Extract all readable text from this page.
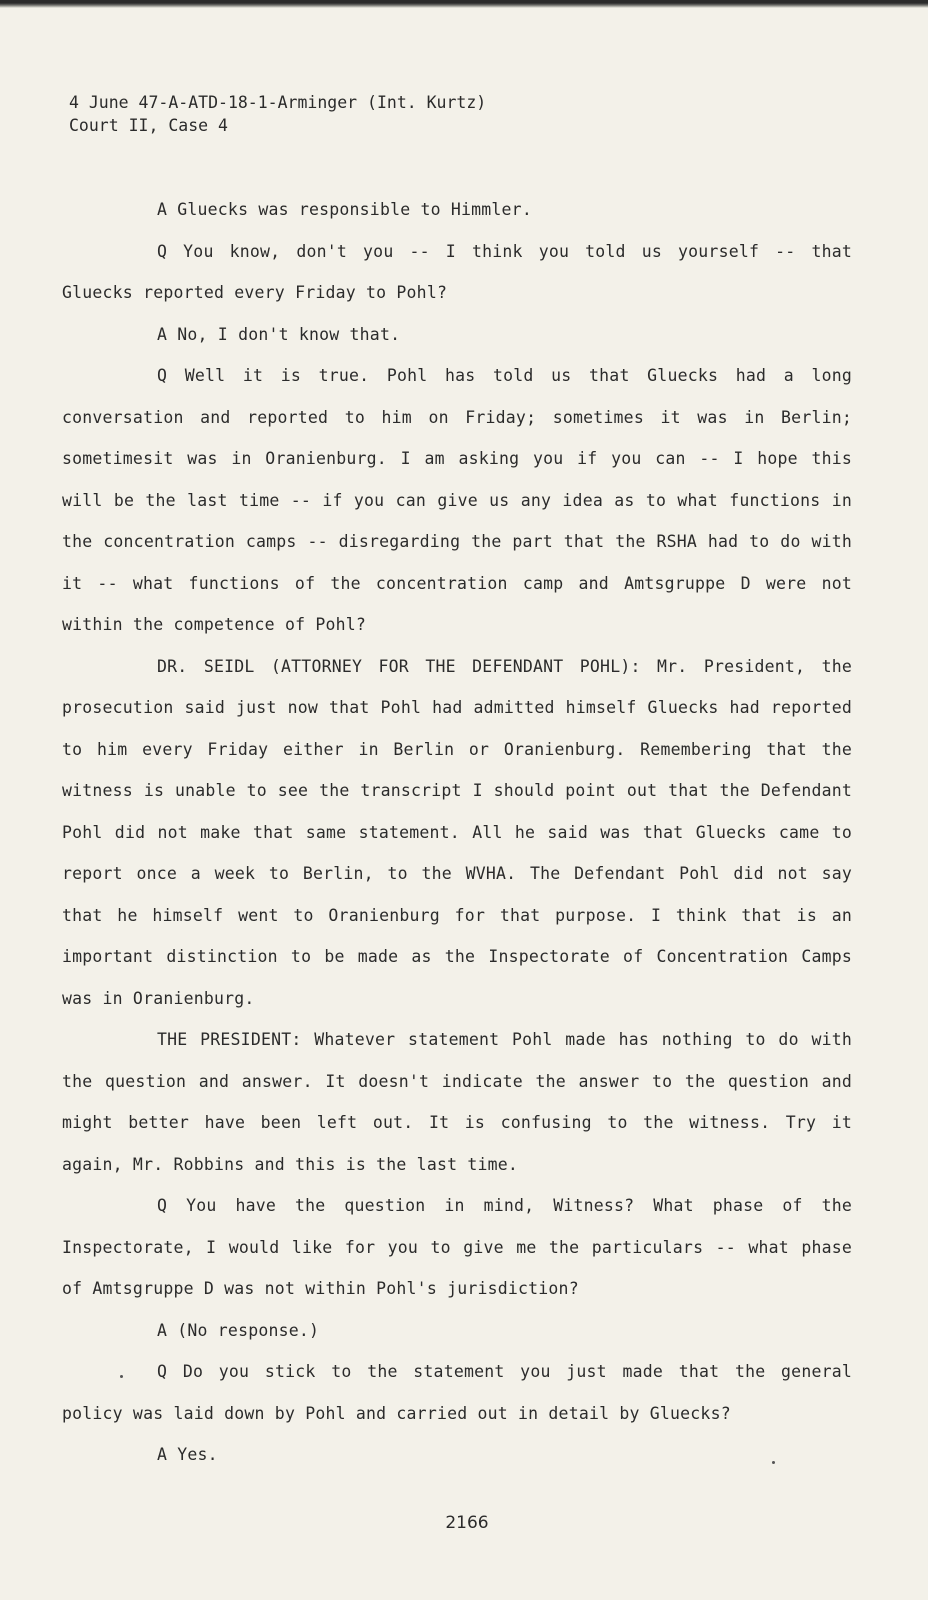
4 June 47-A-ATD-18-1-Arminger (Int. Kurtz)
Court II, Case 4

A Gluecks was responsible to Himmler.

Q You know, don't you -- I think you told us yourself -- that Gluecks reported every Friday to Pohl?

A No, I don't know that.

Q Well it is true. Pohl has told us that Gluecks had a long conversation and reported to him on Friday; sometimes it was in Berlin; sometimesit was in Oranienburg. I am asking you if you can -- I hope this will be the last time -- if you can give us any idea as to what functions in the concentration camps -- disregarding the part that the RSHA had to do with it -- what functions of the concentration camp and Amtsgruppe D were not within the competence of Pohl?

DR. SEIDL (ATTORNEY FOR THE DEFENDANT POHL): Mr. President, the prosecution said just now that Pohl had admitted himself Gluecks had reported to him every Friday either in Berlin or Oranienburg. Remembering that the witness is unable to see the transcript I should point out that the Defendant Pohl did not make that same statement. All he said was that Gluecks came to report once a week to Berlin, to the WVHA. The Defendant Pohl did not say that he himself went to Oranienburg for that purpose. I think that is an important distinction to be made as the Inspectorate of Concentration Camps was in Oranienburg.

THE PRESIDENT: Whatever statement Pohl made has nothing to do with the question and answer. It doesn't indicate the answer to the question and might better have been left out. It is confusing to the witness. Try it again, Mr. Robbins and this is the last time.

Q You have the question in mind, Witness? What phase of the Inspectorate, I would like for you to give me the particulars -- what phase of Amtsgruppe D was not within Pohl's jurisdiction?

A (No response.)

Q Do you stick to the statement you just made that the general policy was laid down by Pohl and carried out in detail by Gluecks?

A Yes.

2166
